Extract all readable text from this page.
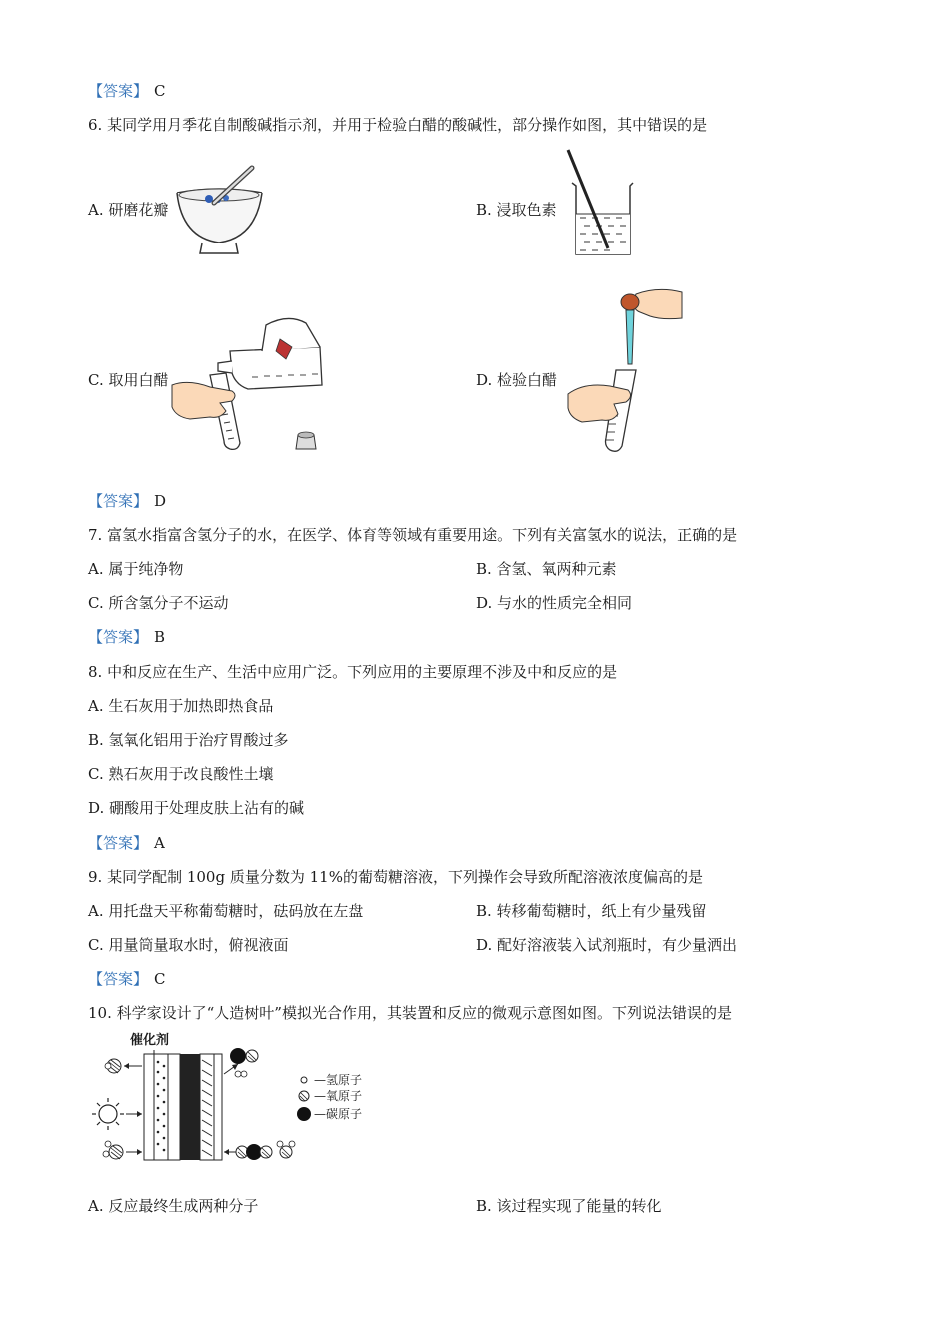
【答案】 C
6. 某同学用月季花自制酸碱指示剂，并用于检验白醋的酸碱性，部分操作如图，其中错误的是
A. 研磨花瓣	B. 浸取色素
C. 取用白醋	D. 检验白醋
【答案】 D
7. 富氢水指富含氢分子的水，在医学、体育等领域有重要用途。下列有关富氢水的说法，正确的是
A. 属于纯净物	B. 含氢、氧两种元素
C. 所含氢分子不运动	D. 与水的性质完全相同
【答案】 B
8. 中和反应在生产、生活中应用广泛。下列应用的主要原理不涉及中和反应的是
A. 生石灰用于加热即热食品
B. 氢氧化铝用于治疗胃酸过多
C. 熟石灰用于改良酸性土壤
D. 硼酸用于处理皮肤上沾有的碱
【答案】 A
9. 某同学配制 100g 质量分数为 11%的葡萄糖溶液，下列操作会导致所配溶液浓度偏高的是
A. 用托盘天平称葡萄糖时，砝码放在左盘	B. 转移葡萄糖时，纸上有少量残留
C. 用量筒量取水时，俯视液面	D. 配好溶液装入试剂瓶时，有少量洒出
【答案】 C
10. 科学家设计了“人造树叶”模拟光合作用，其装置和反应的微观示意图如图。下列说法错误的是
催化剂
—氢原子
—氧原子
—碳原子
A. 反应最终生成两种分子	B. 该过程实现了能量的转化
